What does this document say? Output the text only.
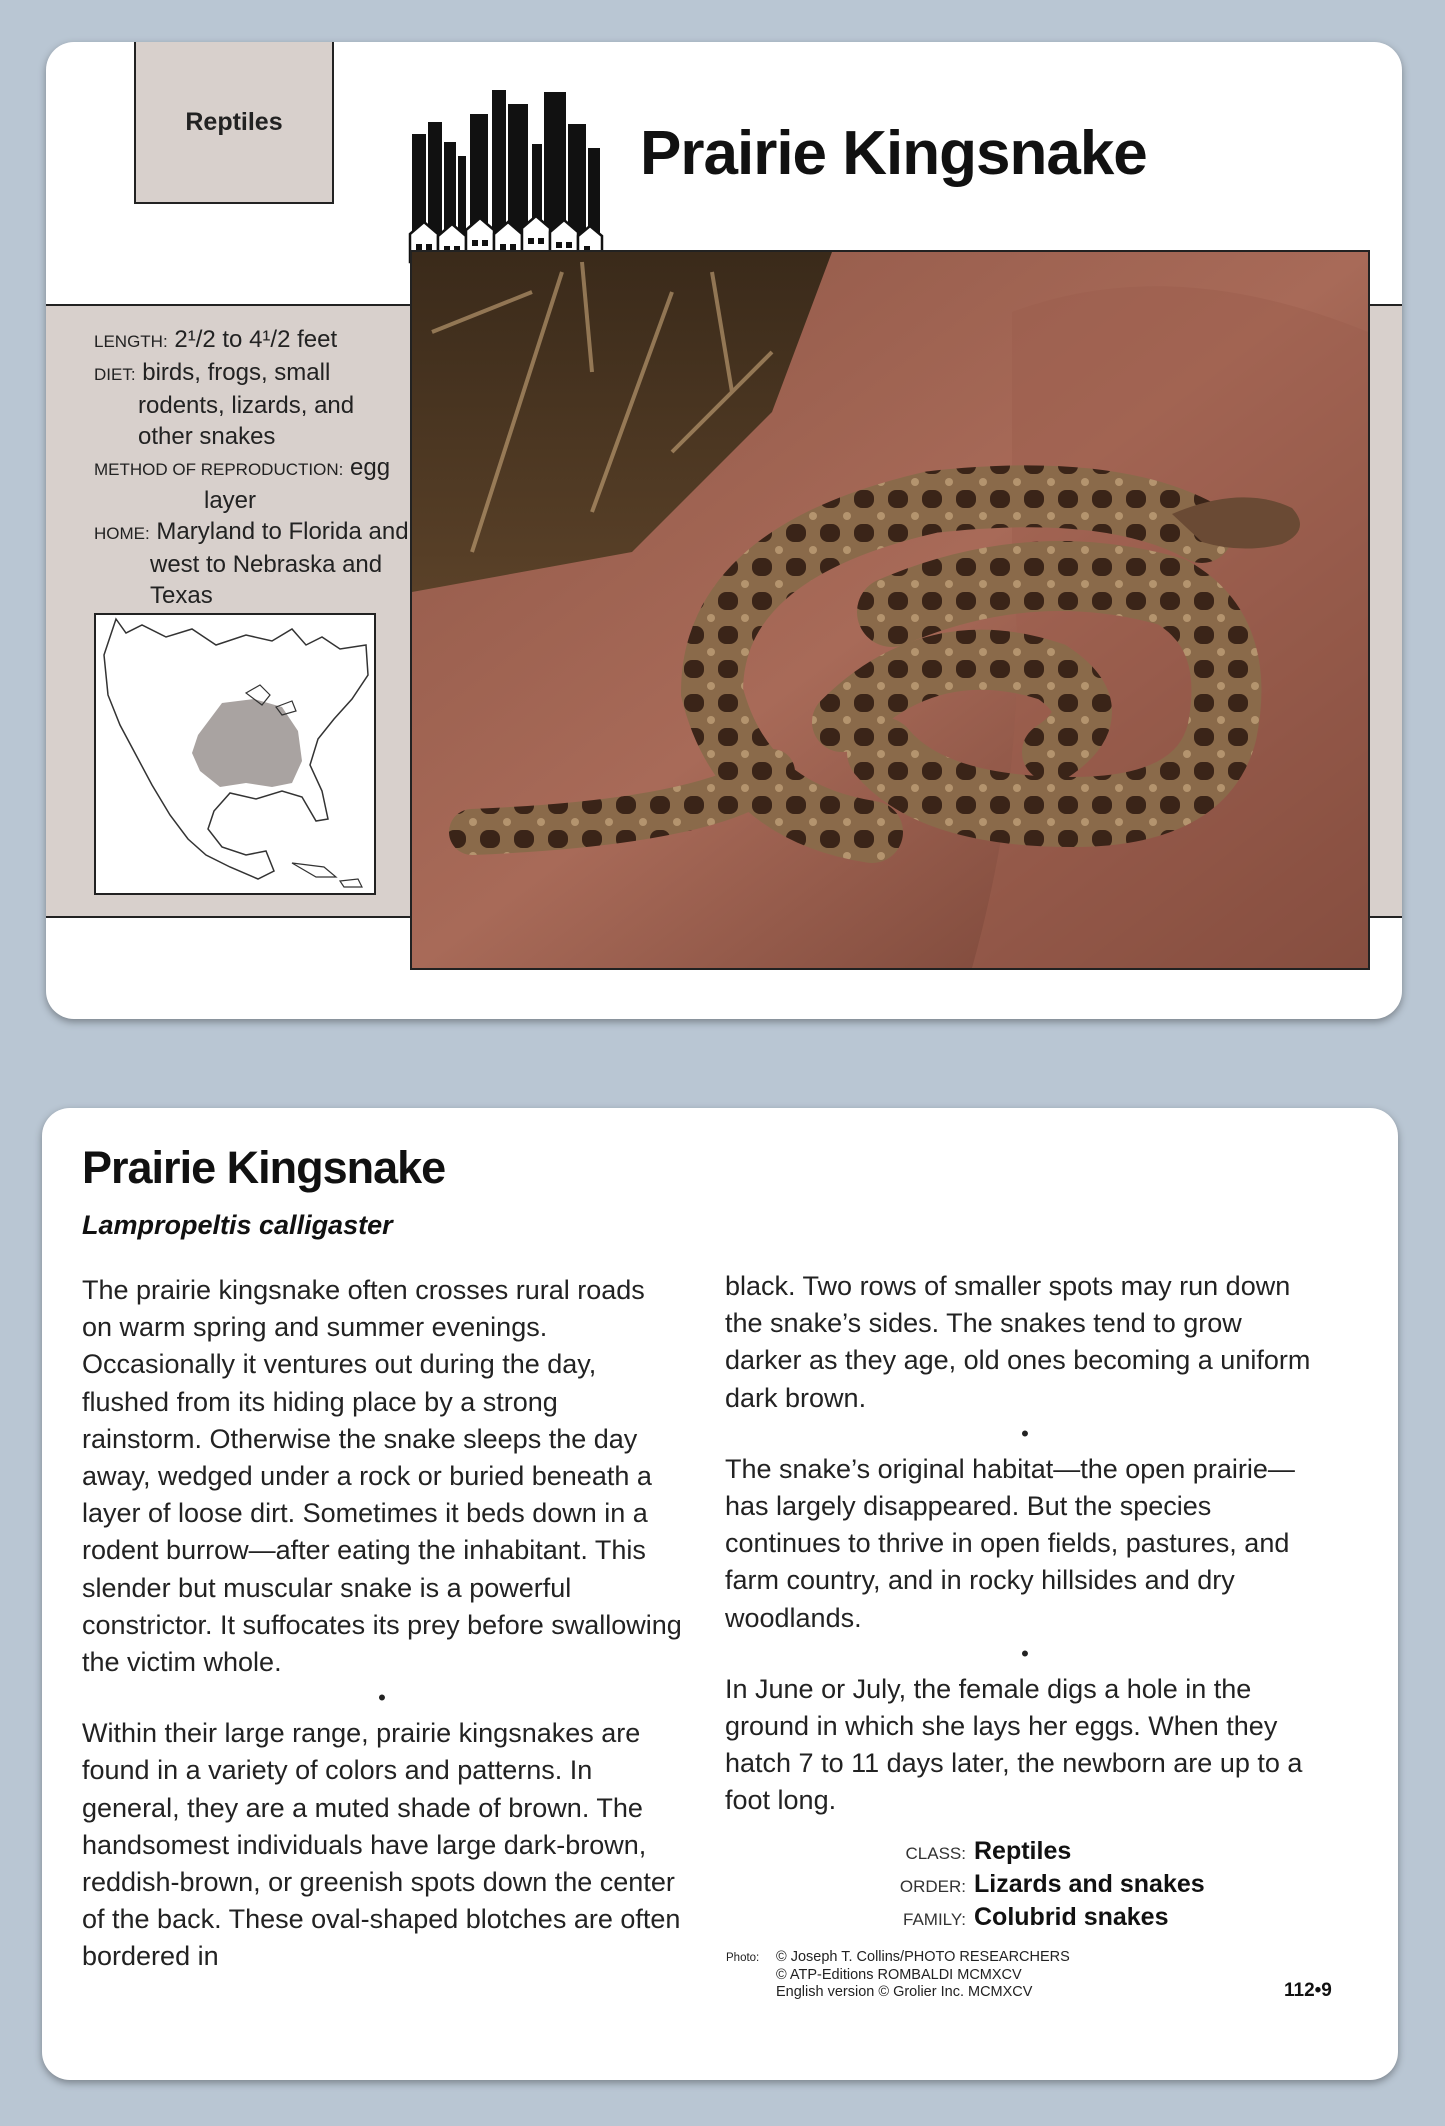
Reptiles	Prairie Kingsnake
LENGTH: 2¹/2 to 4¹/2 feet
DIET: birds, frogs, small
rodents, lizards, and
other snakes
METHOD OF REPRODUCTION: egg
layer
HOME: Maryland to Florida and
west to Nebraska and
Texas
Prairie Kingsnake
Lampropeltis calligaster

The prairie kingsnake often crosses rural roads on warm spring and summer evenings. Occasionally it ventures out during the day, flushed from its hiding place by a strong rainstorm. Otherwise the snake sleeps the day away, wedged under a rock or buried beneath a layer of loose dirt. Sometimes it beds down in a rodent burrow—after eating the inhabitant. This slender but muscular snake is a powerful constrictor. It suffocates its prey before swallowing the victim whole.

•

Within their large range, prairie kingsnakes are found in a variety of colors and patterns. In general, they are a muted shade of brown. The handsomest individuals have large dark-brown, reddish-brown, or greenish spots down the center of the back. These oval-shaped blotches are often bordered in

black. Two rows of smaller spots may run down the snake’s sides. The snakes tend to grow darker as they age, old ones becoming a uniform dark brown.

•

The snake’s original habitat—the open prairie—has largely disappeared. But the species continues to thrive in open fields, pastures, and farm country, and in rocky hillsides and dry woodlands.

•

In June or July, the female digs a hole in the ground in which she lays her eggs. When they hatch 7 to 11 days later, the newborn are up to a foot long.

CLASS: Reptiles
ORDER: Lizards and snakes
FAMILY: Colubrid snakes
Photo: © Joseph T. Collins/PHOTO RESEARCHERS
© ATP-Editions ROMBALDI MCMXCV
English version © Grolier Inc. MCMXCV	112•9
